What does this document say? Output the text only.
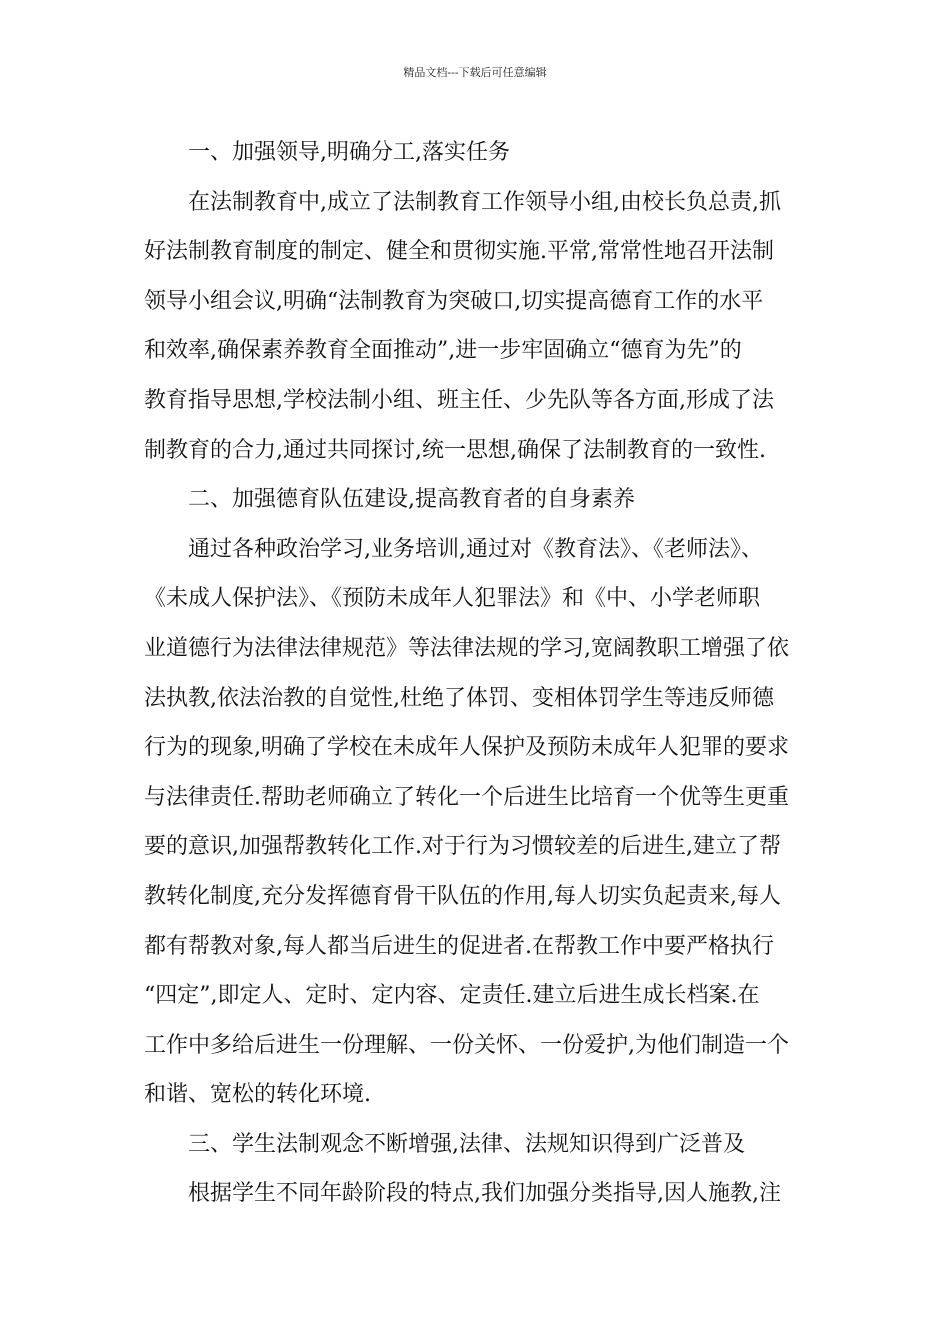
精品文档---下载后可任意编辑
一、加强领导,明确分工,落实任务
在法制教育中,成立了法制教育工作领导小组,由校长负总责,抓
好法制教育制度的制定、健全和贯彻实施.平常,常常性地召开法制
领导小组会议,明确“法制教育为突破口,切实提高德育工作的水平
和效率,确保素养教育全面推动”,进一步牢固确立“德育为先”的
教育指导思想,学校法制小组、班主任、少先队等各方面,形成了法
制教育的合力,通过共同探讨,统一思想,确保了法制教育的一致性.
二、加强德育队伍建设,提高教育者的自身素养
通过各种政治学习,业务培训,通过对《教育法》、《老师法》、
《未成人保护法》、《预防未成年人犯罪法》和《中、小学老师职
业道德行为法律法律规范》等法律法规的学习,宽阔教职工增强了依
法执教,依法治教的自觉性,杜绝了体罚、变相体罚学生等违反师德
行为的现象,明确了学校在未成年人保护及预防未成年人犯罪的要求
与法律责任.帮助老师确立了转化一个后进生比培育一个优等生更重
要的意识,加强帮教转化工作.对于行为习惯较差的后进生,建立了帮
教转化制度,充分发挥德育骨干队伍的作用,每人切实负起责来,每人
都有帮教对象,每人都当后进生的促进者.在帮教工作中要严格执行
“四定”,即定人、定时、定内容、定责任.建立后进生成长档案.在
工作中多给后进生一份理解、一份关怀、一份爱护,为他们制造一个
和谐、宽松的转化环境.
三、学生法制观念不断增强,法律、法规知识得到广泛普及
根据学生不同年龄阶段的特点,我们加强分类指导,因人施教,注
